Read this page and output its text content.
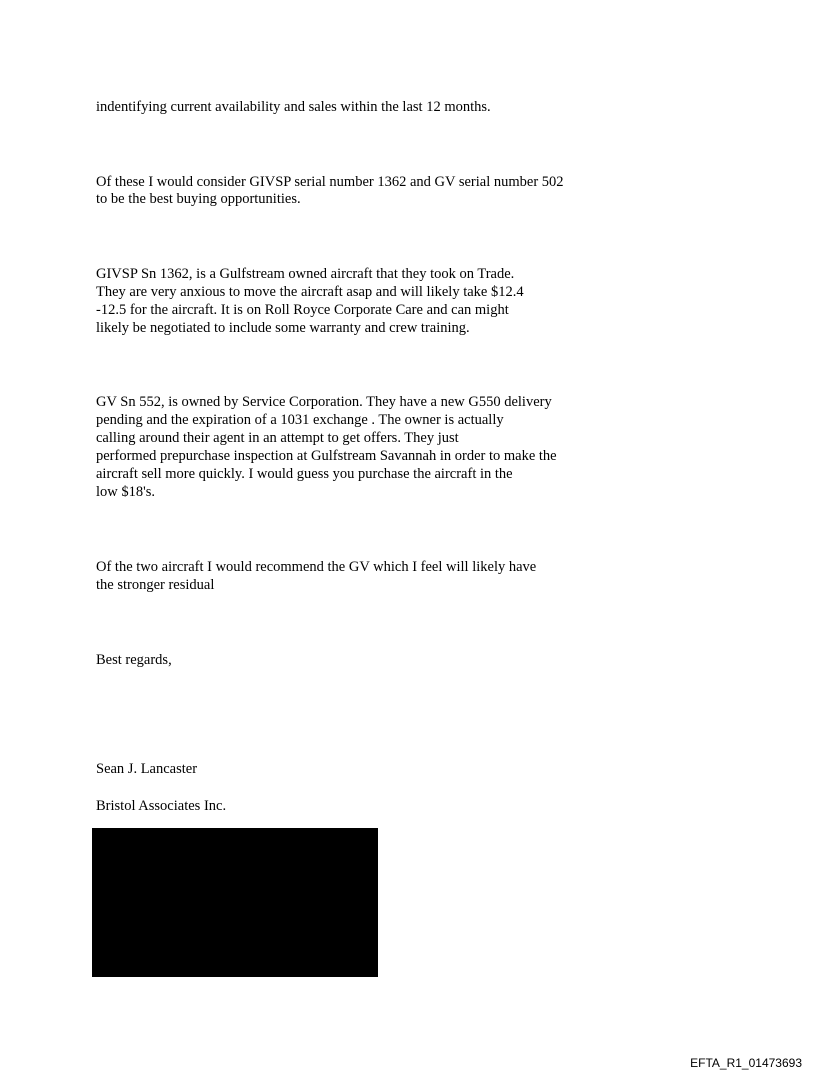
indentifying current availability and sales within the last 12 months.
Of these I would consider GIVSP serial number 1362 and GV serial number 502
to be the best buying opportunities.
GIVSP Sn 1362, is a Gulfstream owned aircraft that they took on Trade.
They are very anxious to move the aircraft asap and will likely take $12.4
-12.5 for the aircraft. It is on Roll Royce Corporate Care and can might
likely be negotiated to include some warranty and crew training.
GV Sn 552, is owned by Service Corporation. They have a new G550 delivery
pending and the expiration of a 1031 exchange . The owner is actually
calling around their agent in an attempt to get offers. They just
performed prepurchase inspection at Gulfstream Savannah in order to make the
aircraft sell more quickly. I would guess you purchase the aircraft in the
low $18's.
Of the two aircraft I would recommend the GV which I feel will likely have
the stronger residual
Best regards,
Sean J. Lancaster
Bristol Associates Inc.
EFTA_R1_01473693
